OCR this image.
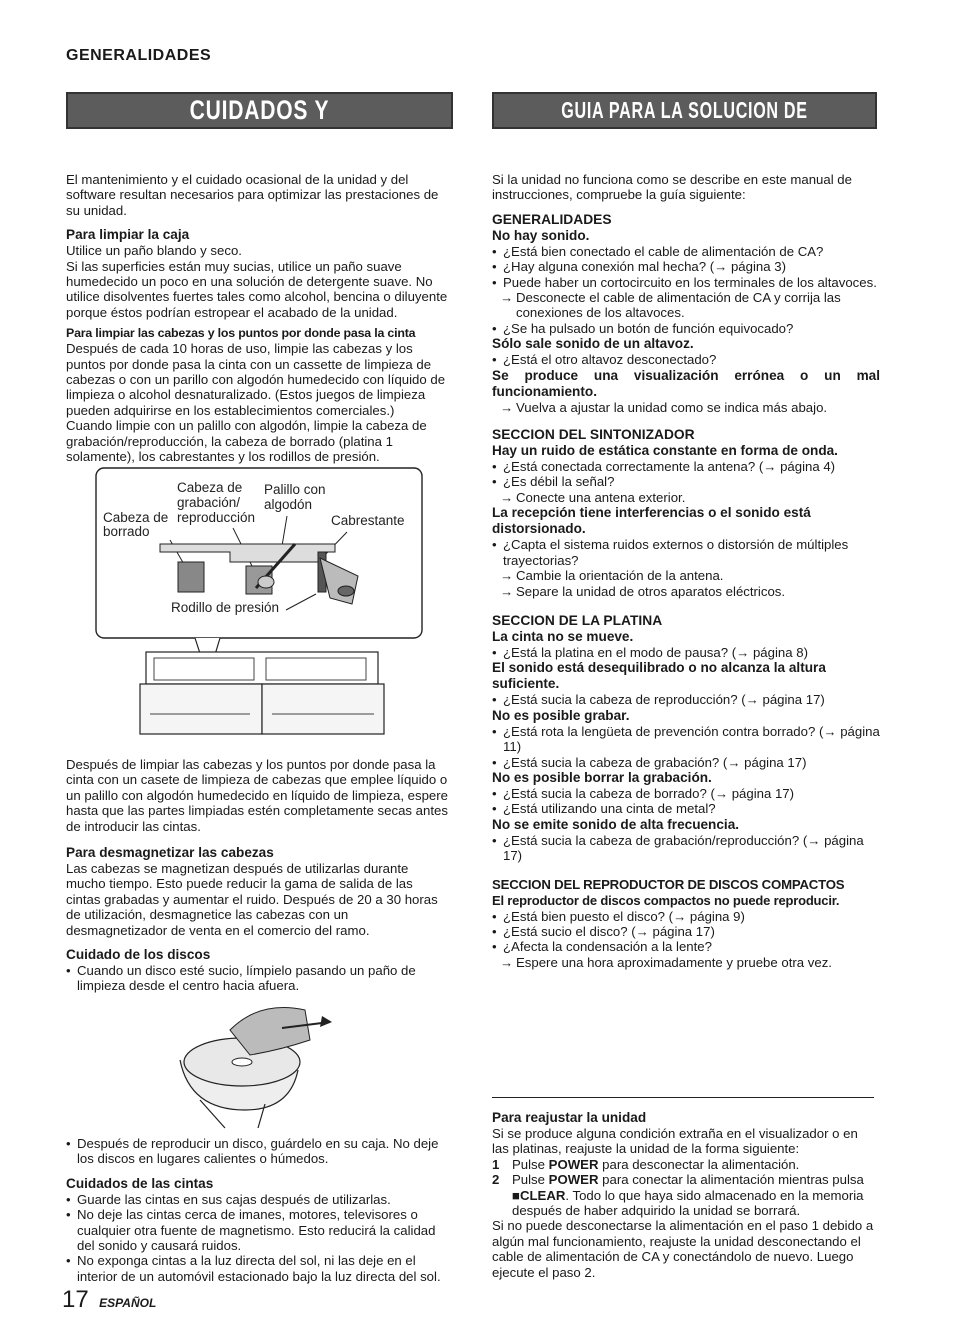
GENERALIDADES
CUIDADOS Y MANTENIMIENTO
GUIA PARA LA SOLUCION DE PROBLEMAS

El mantenimiento y el cuidado ocasional de la unidad y del software resultan necesarios para optimizar las prestaciones de su unidad.

Para limpiar la caja

Utilice un paño blando y seco.

Si las superficies están muy sucias, utilice un paño suave humedecido un poco en una solución de detergente suave. No utilice disolventes fuertes tales como alcohol, bencina o diluyente porque éstos podrían estropear el acabado de la unidad.

Para limpiar las cabezas y los puntos por donde pasa la cinta

Después de cada 10 horas de uso, limpie las cabezas y los puntos por donde pasa la cinta con un cassette de limpieza de cabezas o con un parillo con algodón humedecido con líquido de limpieza o alcohol desnaturalizado. (Estos juegos de limpieza pueden adquirirse en los establecimientos comerciales.)

Cuando limpie con un palillo con algodón, limpie la cabeza de grabación/reproducción, la cabeza de borrado (platina 1 solamente), los cabrestantes y los rodillos de presión.

Cabeza de grabación/ reproducción
Palillo con algodón
Cabeza de borrado
Cabrestante
Rodillo de presión

Después de limpiar las cabezas y los puntos por donde pasa la cinta con un casete de limpieza de cabezas que emplee líquido o un palillo con algodón humedecido en líquido de limpieza, espere hasta que las partes limpiadas estén completamente secas antes de introducir las cintas.

Para desmagnetizar las cabezas

Las cabezas se magnetizan después de utilizarlas durante mucho tiempo. Esto puede reducir la gama de salida de las cintas grabadas y aumentar el ruido. Después de 20 a 30 horas de utilización, desmagnetice las cabezas con un desmagnetizador de venta en el comercio del ramo.

Cuidado de los discos

• Cuando un disco esté sucio, límpielo pasando un paño de limpieza desde el centro hacia afuera.

• Después de reproducir un disco, guárdelo en su caja. No deje los discos en lugares calientes o húmedos.

Cuidados de las cintas

• Guarde las cintas en sus cajas después de utilizarlas.

• No deje las cintas cerca de imanes, motores, televisores o cualquier otra fuente de magnetismo. Esto reducirá la calidad del sonido y causará ruidos.

• No exponga cintas a la luz directa del sol, ni las deje en el interior de un automóvil estacionado bajo la luz directa del sol.

17 ESPAÑOL

Si la unidad no funciona como se describe en este manual de instrucciones, compruebe la guía siguiente:

GENERALIDADES

No hay sonido.

• ¿Está bien conectado el cable de alimentación de CA?

• ¿Hay alguna conexión mal hecha? (→ página 3)

• Puede haber un cortocircuito en los terminales de los altavoces.

→ Desconecte el cable de alimentación de CA y corrija las conexiones de los altavoces.

• ¿Se ha pulsado un botón de función equivocado?

Sólo sale sonido de un altavoz.

• ¿Está el otro altavoz desconectado?

Se produce una visualización errónea o un mal funcionamiento.

→ Vuelva a ajustar la unidad como se indica más abajo.

SECCION DEL SINTONIZADOR

Hay un ruido de estática constante en forma de onda.

• ¿Está conectada correctamente la antena? (→ página 4)

• ¿Es débil la señal?

→ Conecte una antena exterior.

La recepción tiene interferencias o el sonido está distorsionado.

• ¿Capta el sistema ruidos externos o distorsión de múltiples trayectorias?

→ Cambie la orientación de la antena.

→ Separe la unidad de otros aparatos eléctricos.

SECCION DE LA PLATINA

La cinta no se mueve.

• ¿Está la platina en el modo de pausa? (→ página 8)

El sonido está desequilibrado o no alcanza la altura suficiente.

• ¿Está sucia la cabeza de reproducción? (→ página 17)

No es posible grabar.

• ¿Está rota la lengüeta de prevención contra borrado? (→ página 11)

• ¿Está sucia la cabeza de grabación? (→ página 17)

No es posible borrar la grabación.

• ¿Está sucia la cabeza de borrado? (→ página 17)

• ¿Está utilizando una cinta de metal?

No se emite sonido de alta frecuencia.

• ¿Está sucia la cabeza de grabación/reproducción? (→ página 17)

SECCION DEL REPRODUCTOR DE DISCOS COMPACTOS

El reproductor de discos compactos no puede reproducir.

• ¿Está bien puesto el disco? (→ página 9)

• ¿Está sucio el disco? (→ página 17)

• ¿Afecta la condensación a la lente?

→ Espere una hora aproximadamente y pruebe otra vez.

Para reajustar la unidad

Si se produce alguna condición extraña en el visualizador o en las platinas, reajuste la unidad de la forma siguiente:

1 Pulse POWER para desconectar la alimentación.

2 Pulse POWER para conectar la alimentación mientras pulsa ■CLEAR. Todo lo que haya sido almacenado en la memoria después de haber adquirido la unidad se borrará.

Si no puede desconectarse la alimentación en el paso 1 debido a algún mal funcionamiento, reajuste la unidad desconectando el cable de alimentación de CA y conectándolo de nuevo. Luego ejecute el paso 2.
